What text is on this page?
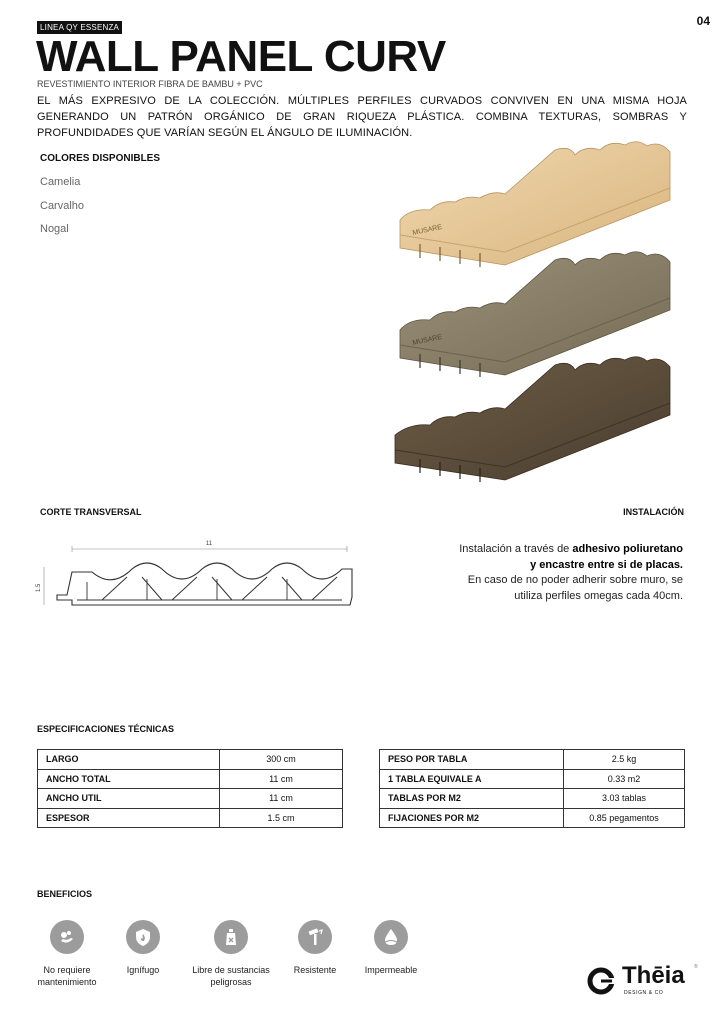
04
LINEA QY ESSENZA
WALL PANEL CURV
REVESTIMIENTO INTERIOR FIBRA DE BAMBU + PVC

EL MÁS EXPRESIVO DE LA COLECCIÓN. MÚLTIPLES PERFILES CURVADOS CONVIVEN EN UNA MISMA HOJA GENERANDO UN PATRÓN ORGÁNICO DE GRAN RIQUEZA PLÁSTICA. COMBINA TEXTURAS, SOMBRAS Y PROFUNDIDADES QUE VARÍAN SEGÚN EL ÁNGULO DE ILUMINACIÓN.

COLORES DISPONIBLES
Camelia
Carvalho
Nogal	MUSARE
MUSARE
CORTE TRANSVERSAL	INSTALACIÓN
11
1.5
Instalación a través de adhesivo poliuretano
y encastre entre si de placas.
En caso de no poder adherir sobre muro, se
utiliza perfiles omegas cada 40cm.
ESPECIFICACIONES TÉCNICAS
LARGO	300 cm
ANCHO TOTAL	11 cm
ANCHO UTIL	11 cm
ESPESOR	1.5 cm
PESO POR TABLA	2.5 kg
1 TABLA EQUIVALE A	0.33 m2
TABLAS POR M2	3.03 tablas
FIJACIONES POR M2	0.85 pegamentos
BENEFICIOS
No requiere mantenimiento
Ignífugo	Libre de sustancias peligrosas
Resistente	Impermeable	Thēia
DESIGN & CO
®
